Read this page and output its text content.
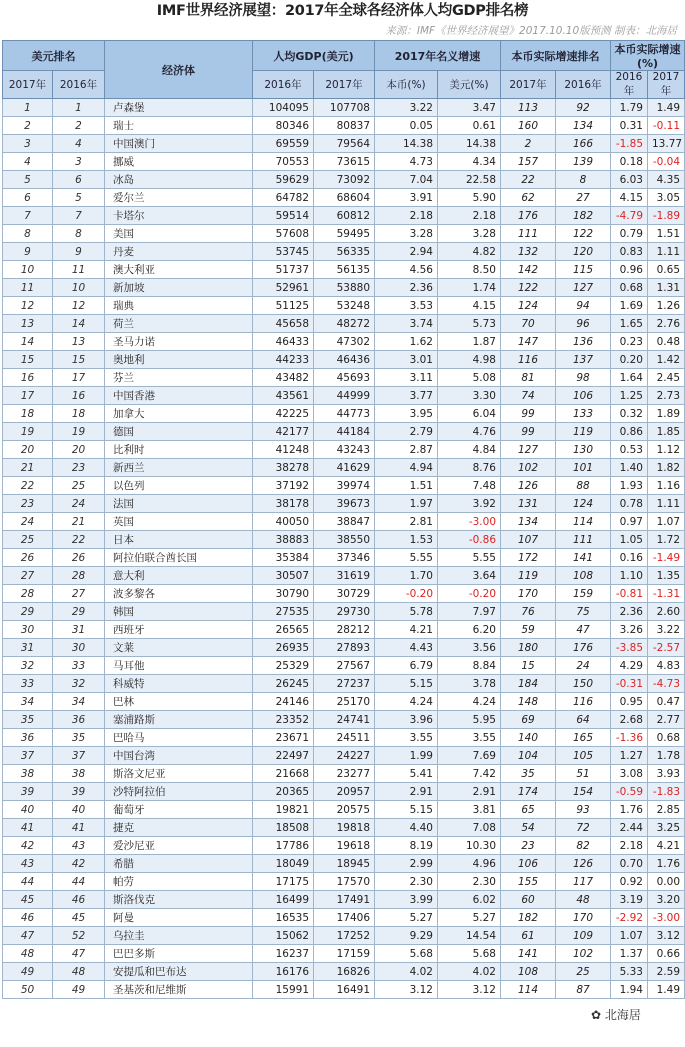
IMF世界经济展望：2017年全球各经济体人均GDP排名榜
来源：IMF《世界经济展望》2017.10.10版预测 制表：北海居
美元排名		经济体	人均GDP(美元)		2017年名义增速		本币实际增速排名		本币实际增速(%)	
2017年	2016年		2016年	2017年	本币(%)	美元(%)	2017年	2016年	2016年	2017年
1	1	卢森堡	104095	107708	3.22	3.47	113	92	1.79	1.49
2	2	瑞士	80346	80837	0.05	0.61	160	134	0.31	-0.11
3	4	中国澳门	69559	79564	14.38	14.38	2	166	-1.85	13.77
4	3	挪威	70553	73615	4.73	4.34	157	139	0.18	-0.04
5	6	冰岛	59629	73092	7.04	22.58	22	8	6.03	4.35
6	5	爱尔兰	64782	68604	3.91	5.90	62	27	4.15	3.05
7	7	卡塔尔	59514	60812	2.18	2.18	176	182	-4.79	-1.89
8	8	美国	57608	59495	3.28	3.28	111	122	0.79	1.51
9	9	丹麦	53745	56335	2.94	4.82	132	120	0.83	1.11
10	11	澳大利亚	51737	56135	4.56	8.50	142	115	0.96	0.65
11	10	新加坡	52961	53880	2.36	1.74	122	127	0.68	1.31
12	12	瑞典	51125	53248	3.53	4.15	124	94	1.69	1.26
13	14	荷兰	45658	48272	3.74	5.73	70	96	1.65	2.76
14	13	圣马力诺	46433	47302	1.62	1.87	147	136	0.23	0.48
15	15	奥地利	44233	46436	3.01	4.98	116	137	0.20	1.42
16	17	芬兰	43482	45693	3.11	5.08	81	98	1.64	2.45
17	16	中国香港	43561	44999	3.77	3.30	74	106	1.25	2.73
18	18	加拿大	42225	44773	3.95	6.04	99	133	0.32	1.89
19	19	德国	42177	44184	2.79	4.76	99	119	0.86	1.85
20	20	比利时	41248	43243	2.87	4.84	127	130	0.53	1.12
21	23	新西兰	38278	41629	4.94	8.76	102	101	1.40	1.82
22	25	以色列	37192	39974	1.51	7.48	126	88	1.93	1.16
23	24	法国	38178	39673	1.97	3.92	131	124	0.78	1.11
24	21	英国	40050	38847	2.81	-3.00	134	114	0.97	1.07
25	22	日本	38883	38550	1.53	-0.86	107	111	1.05	1.72
26	26	阿拉伯联合酋长国	35384	37346	5.55	5.55	172	141	0.16	-1.49
27	28	意大利	30507	31619	1.70	3.64	119	108	1.10	1.35
28	27	波多黎各	30790	30729	-0.20	-0.20	170	159	-0.81	-1.31
29	29	韩国	27535	29730	5.78	7.97	76	75	2.36	2.60
30	31	西班牙	26565	28212	4.21	6.20	59	47	3.26	3.22
31	30	文莱	26935	27893	4.43	3.56	180	176	-3.85	-2.57
32	33	马耳他	25329	27567	6.79	8.84	15	24	4.29	4.83
33	32	科威特	26245	27237	5.15	3.78	184	150	-0.31	-4.73
34	34	巴林	24146	25170	4.24	4.24	148	116	0.95	0.47
35	36	塞浦路斯	23352	24741	3.96	5.95	69	64	2.68	2.77
36	35	巴哈马	23671	24511	3.55	3.55	140	165	-1.36	0.68
37	37	中国台湾	22497	24227	1.99	7.69	104	105	1.27	1.78
38	38	斯洛文尼亚	21668	23277	5.41	7.42	35	51	3.08	3.93
39	39	沙特阿拉伯	20365	20957	2.91	2.91	174	154	-0.59	-1.83
40	40	葡萄牙	19821	20575	5.15	3.81	65	93	1.76	2.85
41	41	捷克	18508	19818	4.40	7.08	54	72	2.44	3.25
42	43	爱沙尼亚	17786	19618	8.19	10.30	23	82	2.18	4.21
43	42	希腊	18049	18945	2.99	4.96	106	126	0.70	1.76
44	44	帕劳	17175	17570	2.30	2.30	155	117	0.92	0.00
45	46	斯洛伐克	16499	17491	3.99	6.02	60	48	3.19	3.20
46	45	阿曼	16535	17406	5.27	5.27	182	170	-2.92	-3.00
47	52	乌拉圭	15062	17252	9.29	14.54	61	109	1.07	3.12
48	47	巴巴多斯	16237	17159	5.68	5.68	141	102	1.37	0.66
49	48	安提瓜和巴布达	16176	16826	4.02	4.02	108	25	5.33	2.59
50	49	圣基茨和尼维斯	15991	16491	3.12	3.12	114	87	1.94	1.49
✿ 北海居
